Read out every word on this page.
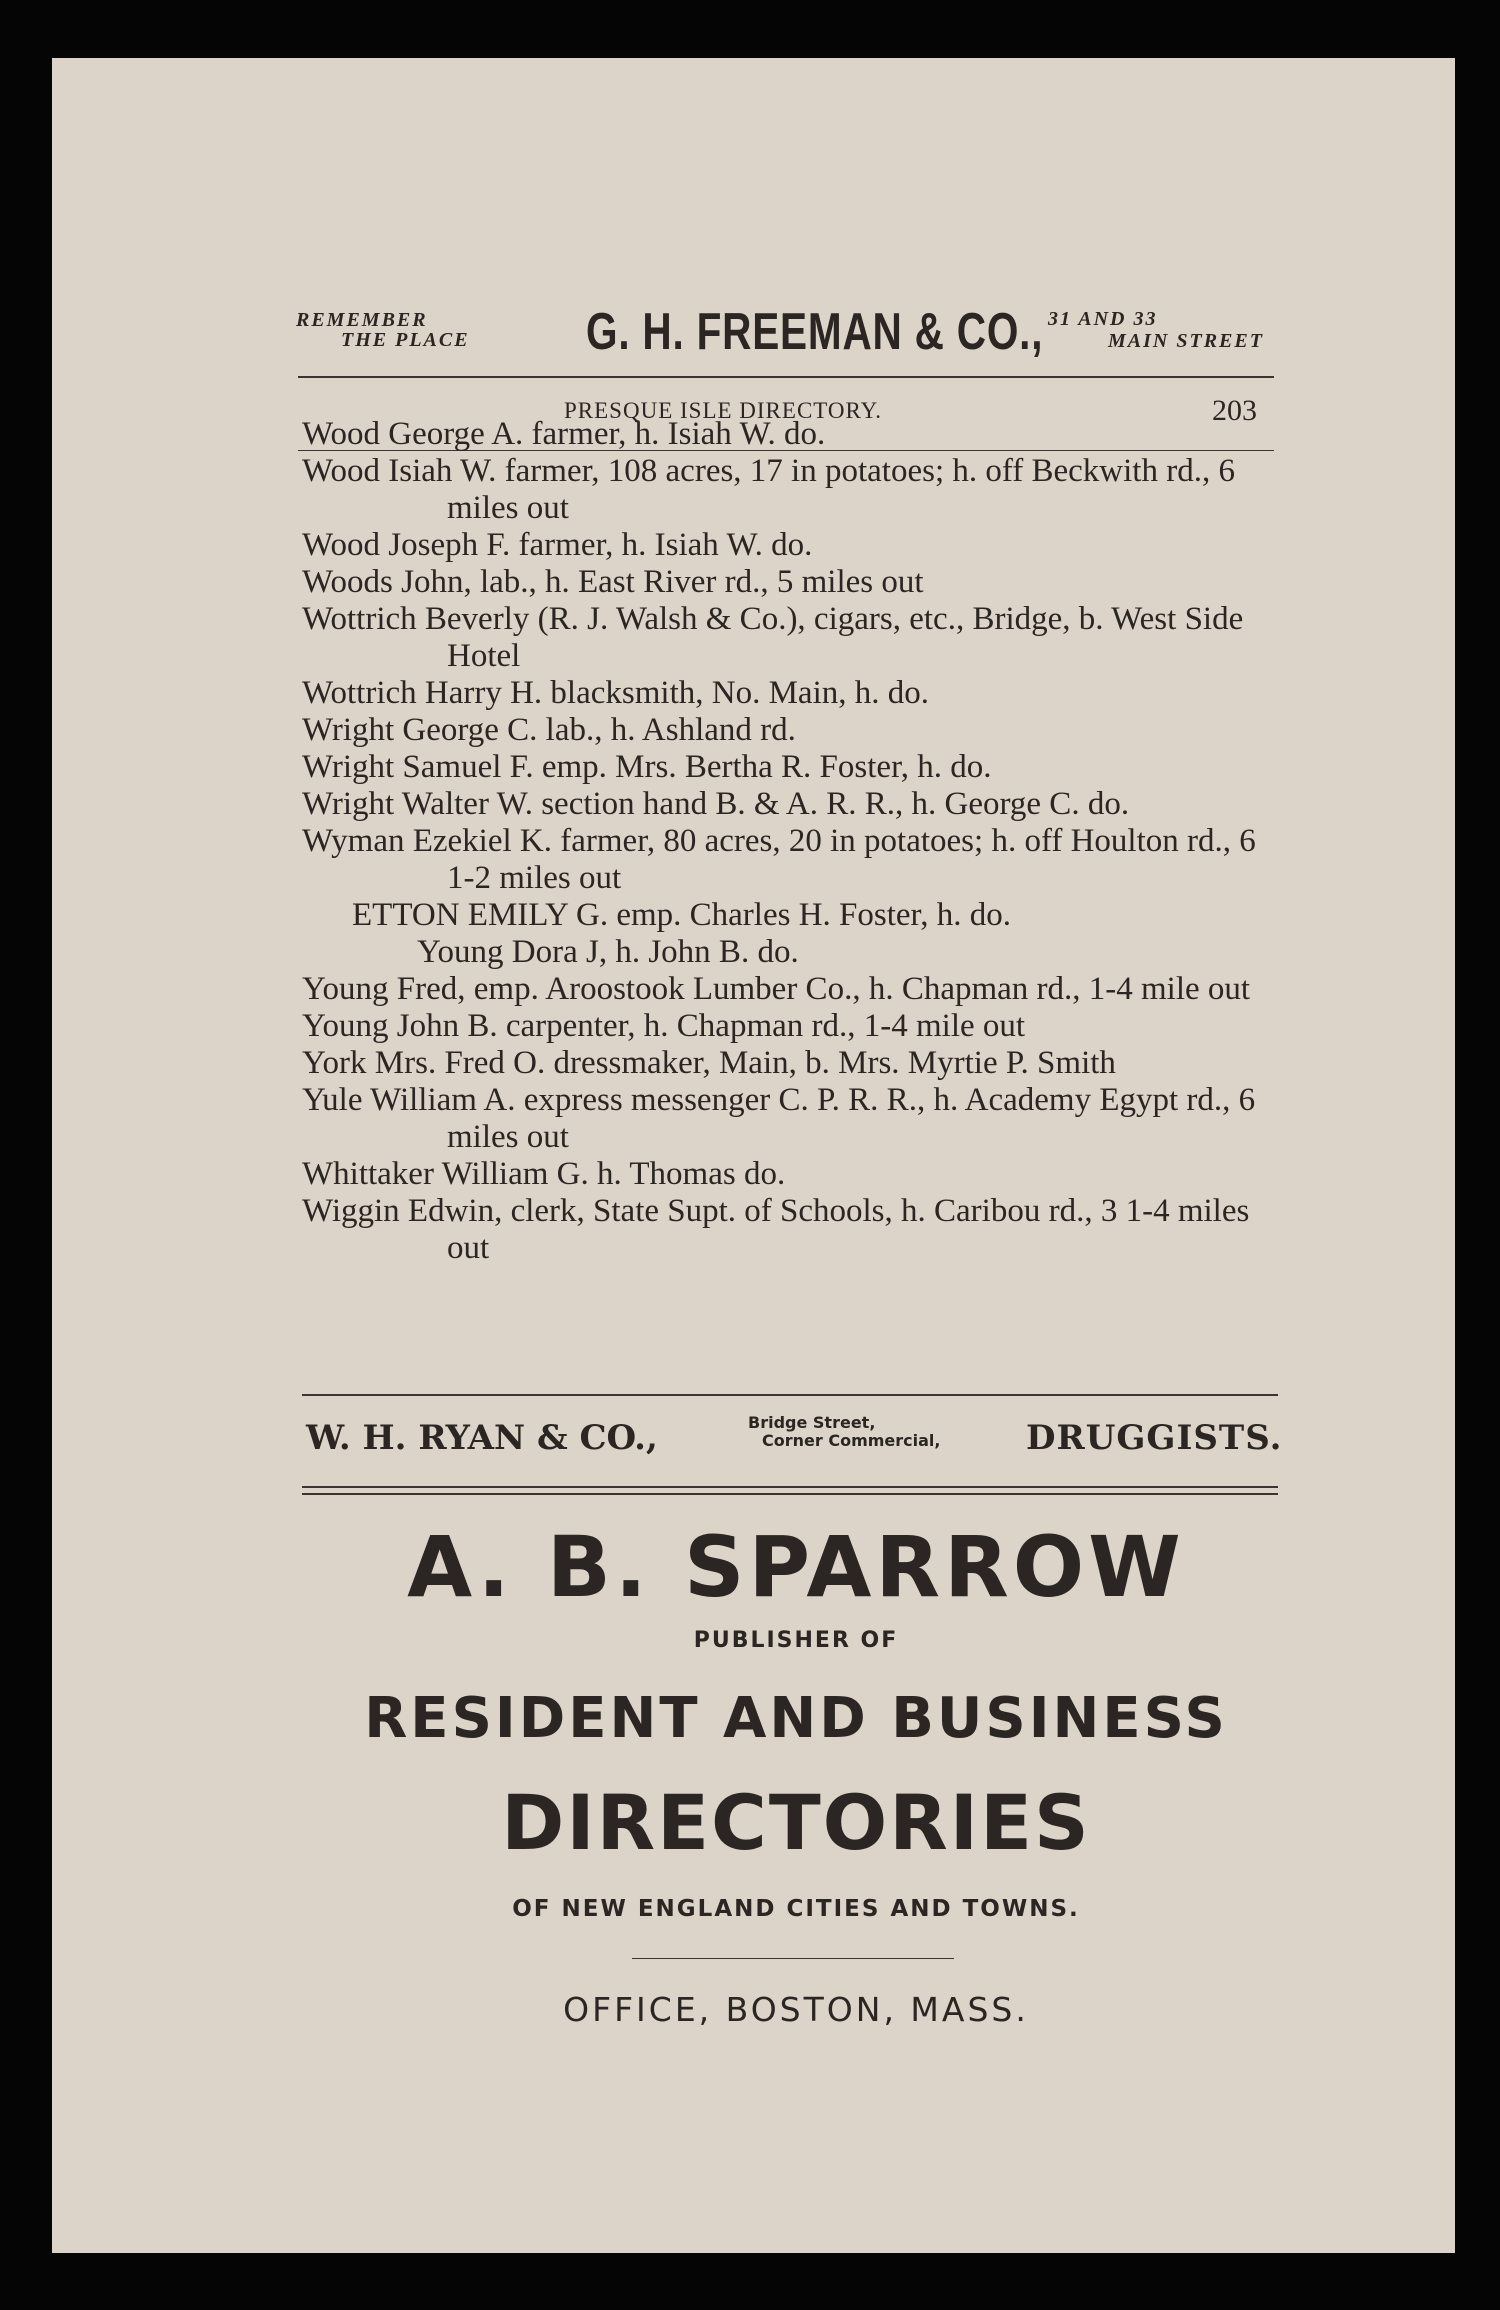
REMEMBER
THE PLACE G. H. FREEMAN & CO., 31 AND 33
MAIN STREET
PRESQUE ISLE DIRECTORY.	203

Wood George A. farmer, h. Isiah W. do.

Wood Isiah W. farmer, 108 acres, 17 in potatoes; h. off Beckwith rd., 6 miles out

Wood Joseph F. farmer, h. Isiah W. do.

Woods John, lab., h. East River rd., 5 miles out

Wottrich Beverly (R. J. Walsh & Co.), cigars, etc., Bridge, b. West Side Hotel

Wottrich Harry H. blacksmith, No. Main, h. do.

Wright George C. lab., h. Ashland rd.

Wright Samuel F. emp. Mrs. Bertha R. Foster, h. do.

Wright Walter W. section hand B. & A. R. R., h. George C. do.

Wyman Ezekiel K. farmer, 80 acres, 20 in potatoes; h. off Houlton rd., 6 1-2 miles out

ETTON EMILY G. emp. Charles H. Foster, h. do.

Young Dora J, h. John B. do.

Young Fred, emp. Aroostook Lumber Co., h. Chapman rd., 1-4 mile out

Young John B. carpenter, h. Chapman rd., 1-4 mile out

York Mrs. Fred O. dressmaker, Main, b. Mrs. Myrtie P. Smith

Yule William A. express messenger C. P. R. R., h. Academy Egypt rd., 6 miles out

Whittaker William G. h. Thomas do.

Wiggin Edwin, clerk, State Supt. of Schools, h. Caribou rd., 3 1-4 miles out

W. H. RYAN & CO.,	Bridge Street,
Corner Commercial,	DRUGGISTS.
A. B. SPARROW
PUBLISHER OF
RESIDENT AND BUSINESS
DIRECTORIES
OF NEW ENGLAND CITIES AND TOWNS.
OFFICE, BOSTON, MASS.
